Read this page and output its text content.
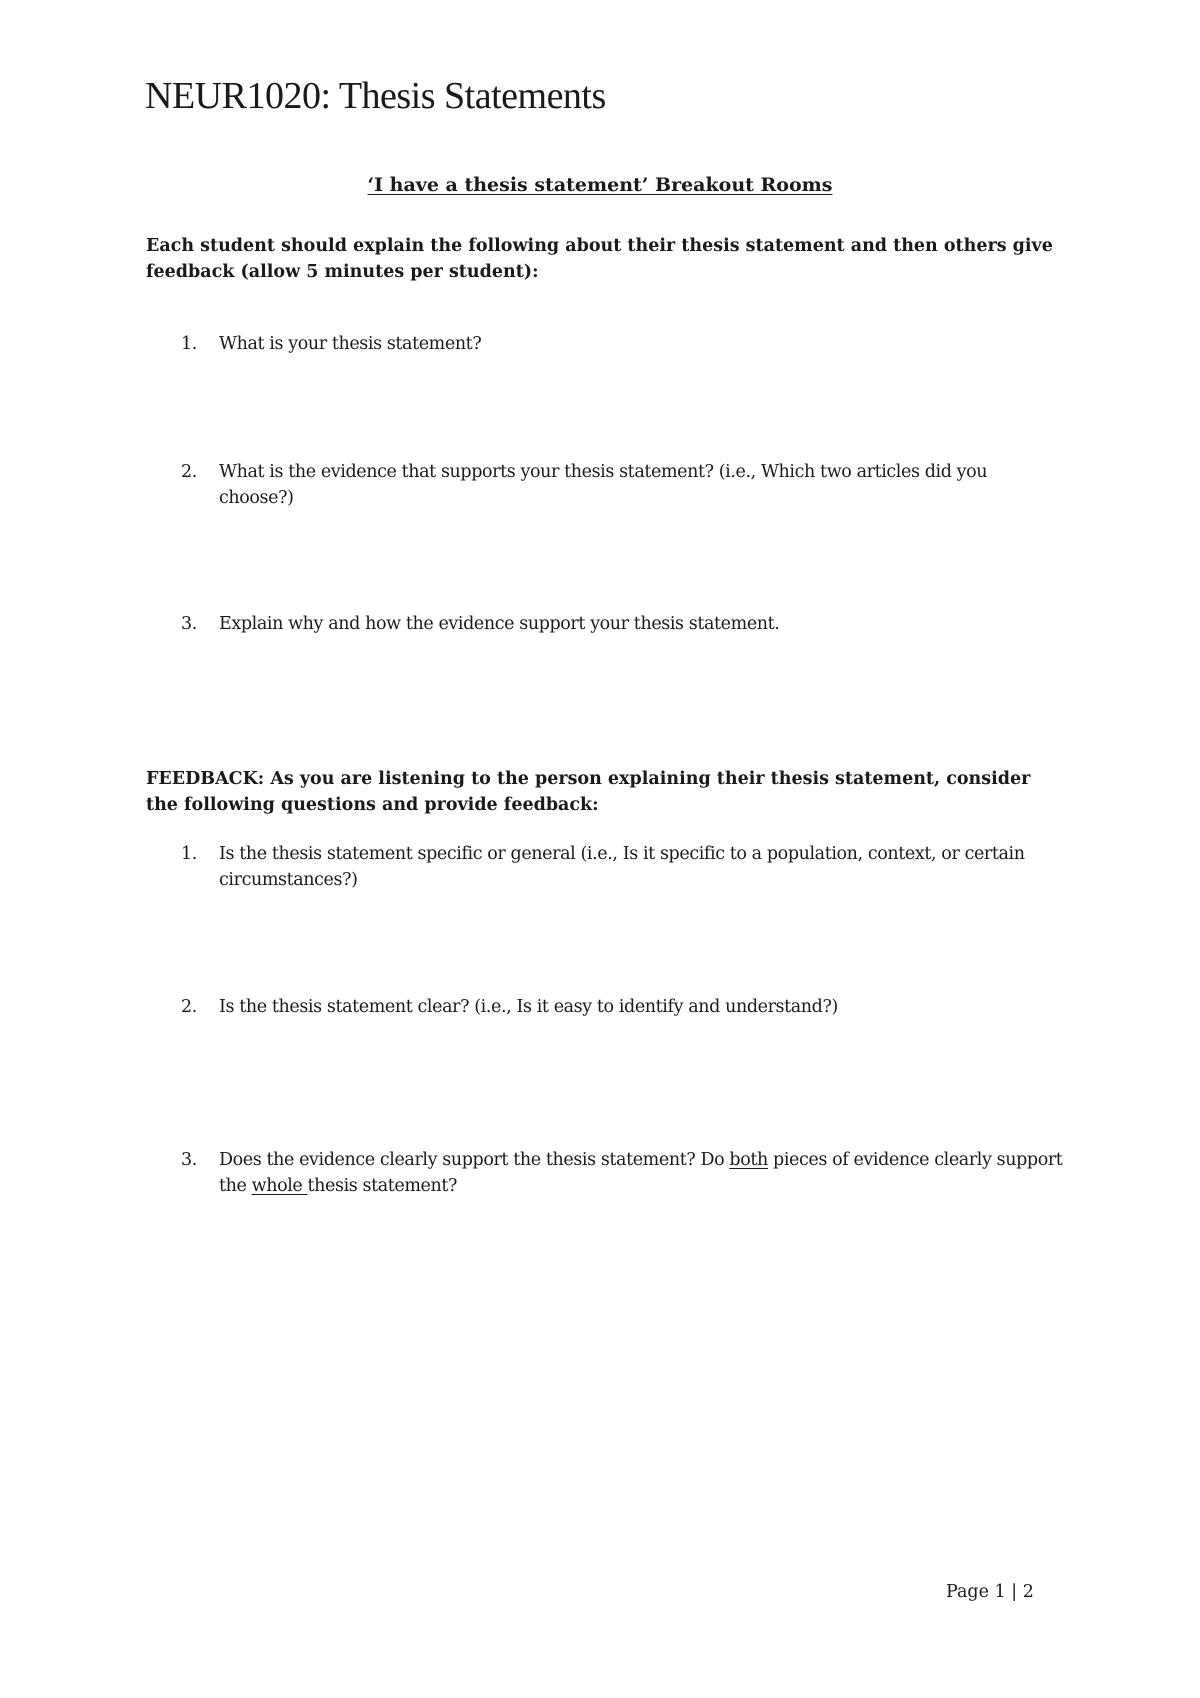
NEUR1020: Thesis Statements

‘I have a thesis statement’ Breakout Rooms

Each student should explain the following about their thesis statement and then others give feedback (allow 5 minutes per student):

1.	What is your thesis statement?
2.	What is the evidence that supports your thesis statement? (i.e., Which two articles did you choose?)
3.	Explain why and how the evidence support your thesis statement.

FEEDBACK: As you are listening to the person explaining their thesis statement, consider the following questions and provide feedback:

1.	Is the thesis statement specific or general (i.e., Is it specific to a population, context, or certain circumstances?)
2.	Is the thesis statement clear? (i.e., Is it easy to identify and understand?)
3.	Does the evidence clearly support the thesis statement? Do both pieces of evidence clearly support the whole thesis statement?
Page 1 | 2
